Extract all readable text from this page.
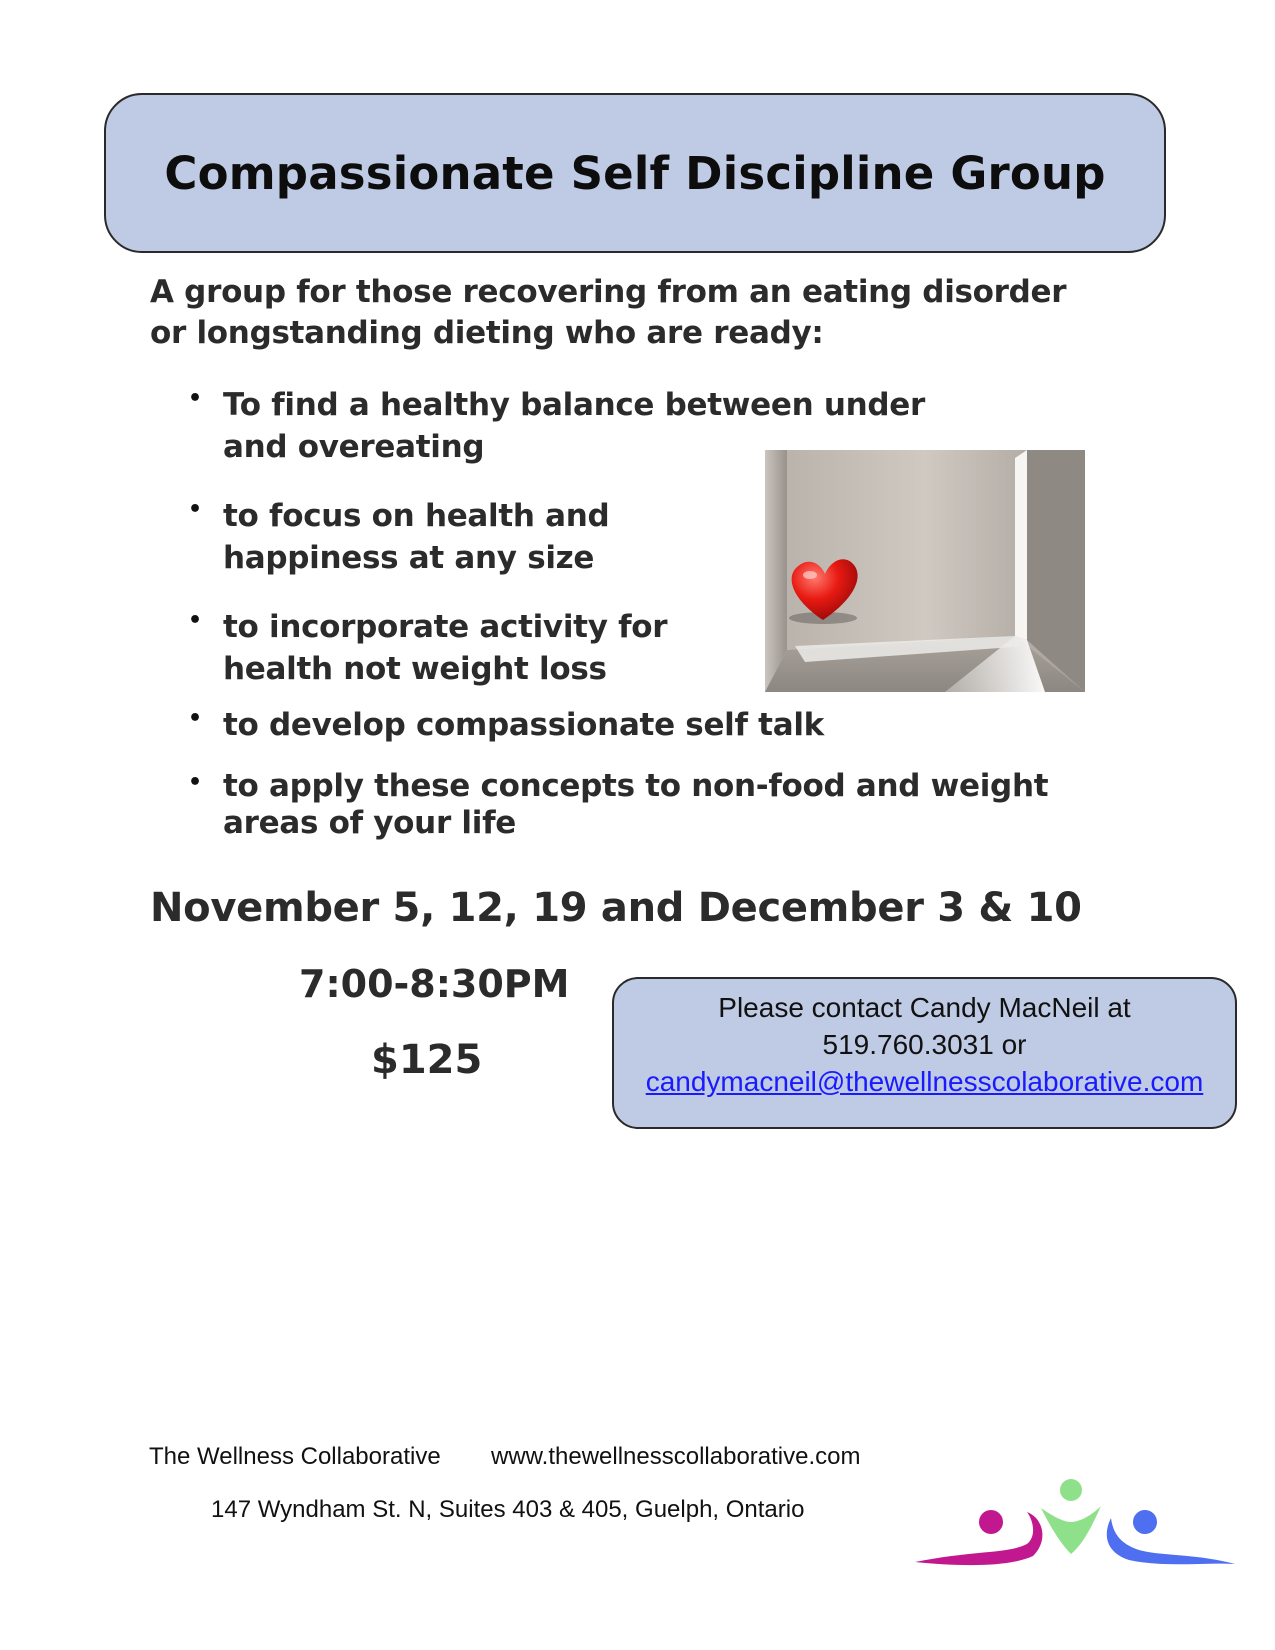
Compassionate Self Discipline Group

A group for those recovering from an eating disorder or longstanding dieting who are ready:

• To find a healthy balance between under and overeating
• to focus on health and happiness at any size
• to incorporate activity for health not weight loss
• to develop compassionate self talk
• to apply these concepts to non-food and weight areas of your life

November 5, 12, 19 and December 3 & 10

7:00-8:30PM
$125
Please contact Candy MacNeil at
519.760.3031 or
candymacneil@thewellnesscolaborative.com
The Wellness Collaborative www.thewellnesscollaborative.com
147 Wyndham St. N, Suites 403 & 405, Guelph, Ontario
